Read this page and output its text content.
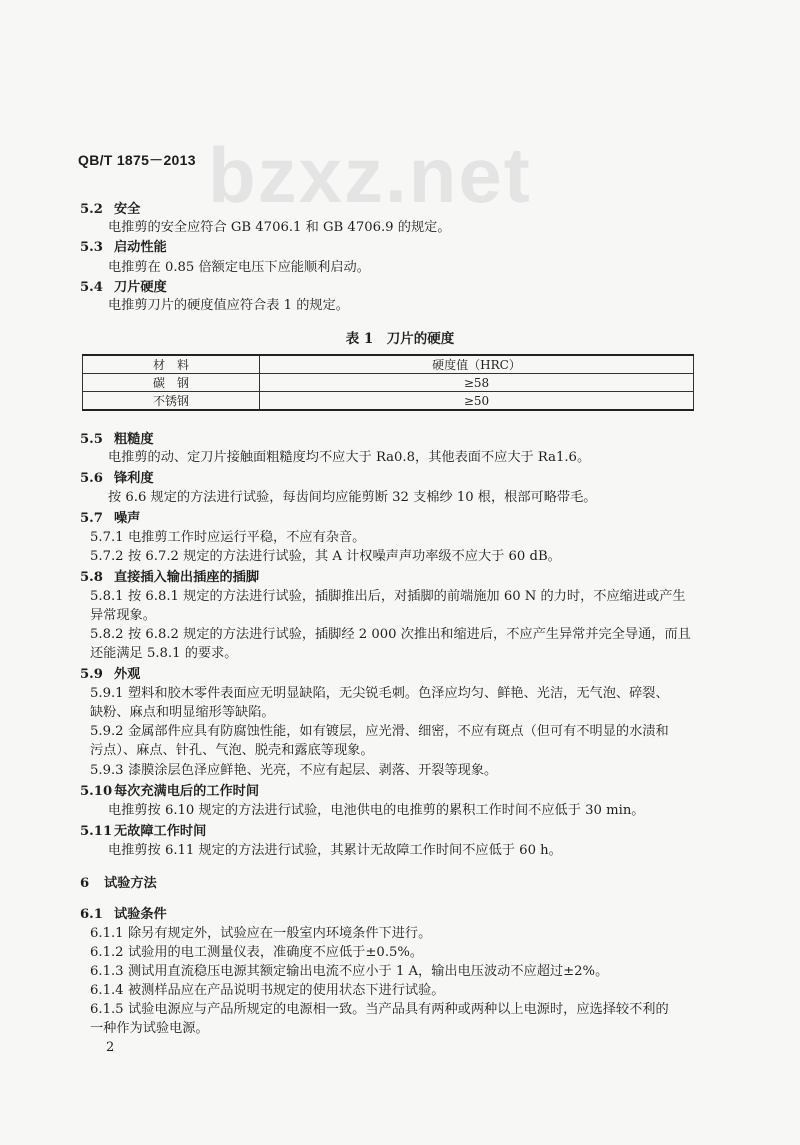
bzxz.net
QB/T 1875－2013
5.2 安全
电推剪的安全应符合 GB 4706.1 和 GB 4706.9 的规定。
5.3 启动性能
电推剪在 0.85 倍额定电压下应能顺利启动。
5.4 刀片硬度
电推剪刀片的硬度值应符合表 1 的规定。
表 1　刀片的硬度
材　料	硬度值（HRC）
碳　钢	≥58
不锈钢	≥50
5.5 粗糙度
电推剪的动、定刀片接触面粗糙度均不应大于 Ra0.8，其他表面不应大于 Ra1.6。
5.6 锋利度
按 6.6 规定的方法进行试验，每齿间均应能剪断 32 支棉纱 10 根，根部可略带毛。
5.7 噪声
5.7.1 电推剪工作时应运行平稳，不应有杂音。
5.7.2 按 6.7.2 规定的方法进行试验，其 A 计权噪声声功率级不应大于 60 dB。
5.8 直接插入输出插座的插脚
5.8.1 按 6.8.1 规定的方法进行试验，插脚推出后，对插脚的前端施加 60 N 的力时，不应缩进或产生
异常现象。
5.8.2 按 6.8.2 规定的方法进行试验，插脚经 2 000 次推出和缩进后，不应产生异常并完全导通，而且
还能满足 5.8.1 的要求。
5.9 外观
5.9.1 塑料和胶木零件表面应无明显缺陷，无尖锐毛刺。色泽应均匀、鲜艳、光洁，无气泡、碎裂、
缺粉、麻点和明显缩形等缺陷。
5.9.2 金属部件应具有防腐蚀性能，如有镀层，应光滑、细密，不应有斑点（但可有不明显的水渍和
污点）、麻点、针孔、气泡、脱壳和露底等现象。
5.9.3 漆膜涂层色泽应鲜艳、光亮，不应有起层、剥落、开裂等现象。
5.10 每次充满电后的工作时间
电推剪按 6.10 规定的方法进行试验，电池供电的电推剪的累积工作时间不应低于 30 min。
5.11 无故障工作时间
电推剪按 6.11 规定的方法进行试验，其累计无故障工作时间不应低于 60 h。
6 试验方法
6.1 试验条件
6.1.1 除另有规定外，试验应在一般室内环境条件下进行。
6.1.2 试验用的电工测量仪表，准确度不应低于±0.5%。
6.1.3 测试用直流稳压电源其额定输出电流不应小于 1 A，输出电压波动不应超过±2%。
6.1.4 被测样品应在产品说明书规定的使用状态下进行试验。
6.1.5 试验电源应与产品所规定的电源相一致。当产品具有两种或两种以上电源时，应选择较不利的
一种作为试验电源。
2
